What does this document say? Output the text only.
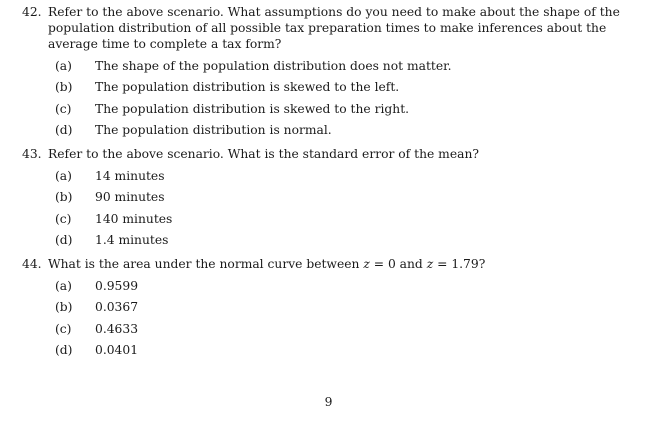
42. Refer to the above scenario. What assumptions do you need to make about the shape of the population distribution of all possible tax preparation times to make inferences about the average time to complete a tax form?
(a)	The shape of the population distribution does not matter.
(b)	The population distribution is skewed to the left.
(c)	The population distribution is skewed to the right.
(d)	The population distribution is normal.
43. Refer to the above scenario. What is the standard error of the mean?
(a)	14 minutes
(b)	90 minutes
(c)	140 minutes
(d)	1.4 minutes
44. What is the area under the normal curve between z = 0 and z = 1.79?
(a)	0.9599
(b)	0.0367
(c)	0.4633
(d)	0.0401
9
